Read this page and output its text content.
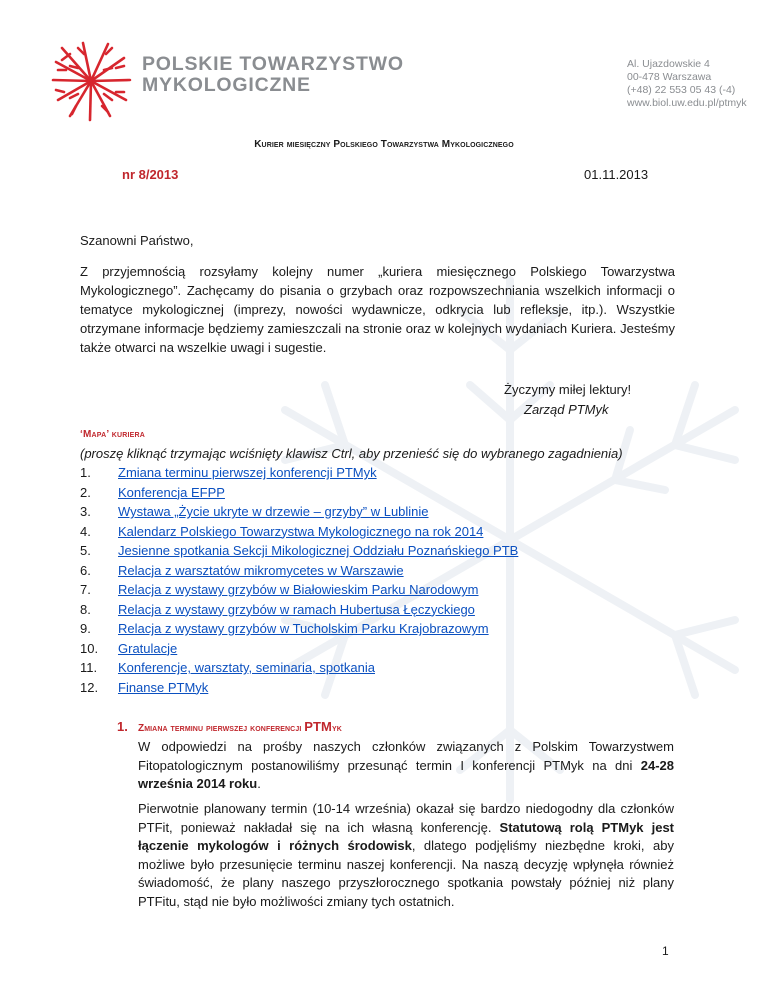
POLSKIE TOWARZYSTWO
MYKOLOGICZNE
Al. Ujazdowskie 4
00-478 Warszawa
(+48) 22 553 05 43 (-4)
www.biol.uw.edu.pl/ptmyk
Kurier miesięczny Polskiego Towarzystwa Mykologicznego
nr 8/2013	01.11.2013
Szanowni Państwo,
Z przyjemnością rozsyłamy kolejny numer „kuriera miesięcznego Polskiego Towarzystwa Mykologicznego”. Zachęcamy do pisania o grzybach oraz rozpowszechniania wszelkich informacji o tematyce mykologicznej (imprezy, nowości wydawnicze, odkrycia lub refleksje, itp.). Wszystkie otrzymane informacje będziemy zamieszczali na stronie oraz w kolejnych wydaniach Kuriera. Jesteśmy także otwarci na wszelkie uwagi i sugestie.
Życzymy miłej lektury!
Zarząd PTMyk
‘Mapa’ kuriera
(proszę kliknąć trzymając wciśnięty klawisz Ctrl, aby przenieść się do wybranego zagadnienia)
1.	Zmiana terminu pierwszej konferencji PTMyk
2.	Konferencja EFPP
3.	Wystawa „Życie ukryte w drzewie – grzyby” w Lublinie
4.	Kalendarz Polskiego Towarzystwa Mykologicznego na rok 2014
5.	Jesienne spotkania Sekcji Mikologicznej Oddziału Poznańskiego PTB
6.	Relacja z warsztatów mikromycetes w Warszawie
7.	Relacja z wystawy grzybów w Białowieskim Parku Narodowym
8.	Relacja z wystawy grzybów w ramach Hubertusa Łęczyckiego
9.	Relacja z wystawy grzybów w Tucholskim Parku Krajobrazowym
10.	Gratulacje
11.	Konferencje, warsztaty, seminaria, spotkania
12.	Finanse PTMyk
1. Zmiana terminu pierwszej konferencji PTMyk
W odpowiedzi na prośby naszych członków związanych z Polskim Towarzystwem Fitopatologicznym postanowiliśmy przesunąć termin I konferencji PTMyk na dni 24-28 września 2014 roku.
Pierwotnie planowany termin (10-14 września) okazał się bardzo niedogodny dla członków PTFit, ponieważ nakładał się na ich własną konferencję. Statutową rolą PTMyk jest łączenie mykologów i różnych środowisk, dlatego podjęliśmy niezbędne kroki, aby możliwe było przesunięcie terminu naszej konferencji. Na naszą decyzję wpłynęła również świadomość, że plany naszego przyszłorocznego spotkania powstały później niż plany PTFitu, stąd nie było możliwości zmiany tych ostatnich.
1
